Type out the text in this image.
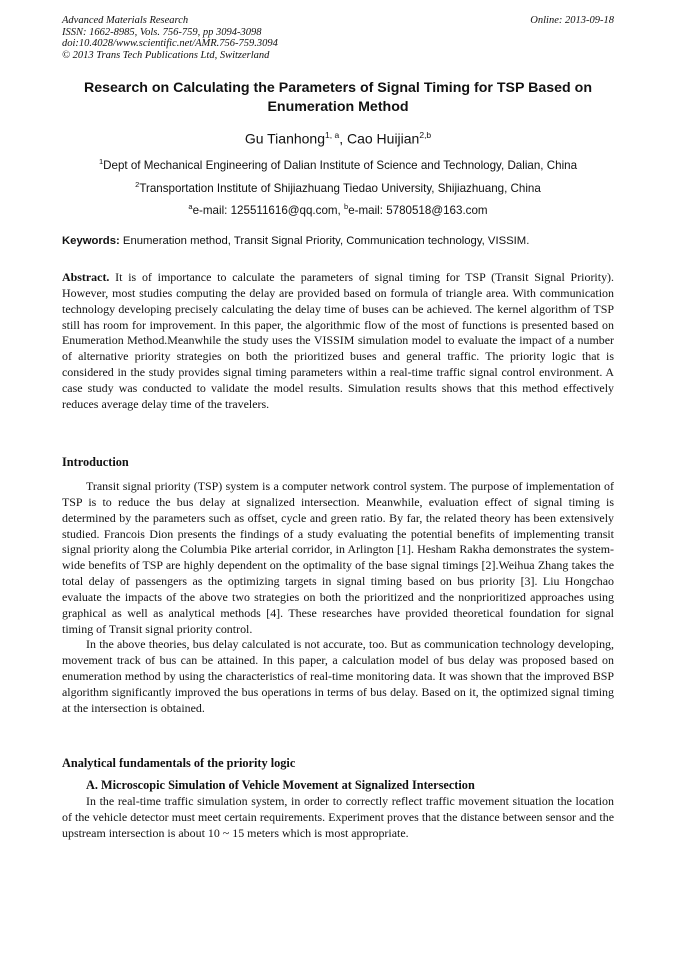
Advanced Materials Research
ISSN: 1662-8985, Vols. 756-759, pp 3094-3098
doi:10.4028/www.scientific.net/AMR.756-759.3094
© 2013 Trans Tech Publications Ltd, Switzerland
Online: 2013-09-18
Research on Calculating the Parameters of Signal Timing for TSP Based on Enumeration Method
Gu Tianhong$^{1, a}$, Cao Huijian$^{2,b}$
$^1$Dept of Mechanical Engineering of Dalian Institute of Science and Technology, Dalian, China
$^2$Transportation Institute of Shijiazhuang Tiedao University, Shijiazhuang, China
$^a$e-mail: 125511616@qq.com, $^b$e-mail: 5780518@163.com
Keywords: Enumeration method, Transit Signal Priority, Communication technology, VISSIM.

Abstract. It is of importance to calculate the parameters of signal timing for TSP (Transit Signal Priority). However, most studies computing the delay are provided based on formula of triangle area. With communication technology developing precisely calculating the delay time of buses can be achieved. The kernel algorithm of TSP still has room for improvement. In this paper, the algorithmic flow of the most of functions is presented based on Enumeration Method.Meanwhile the study uses the VISSIM simulation model to evaluate the impact of a number of alternative priority strategies on both the prioritized buses and general traffic. The priority logic that is considered in the study provides signal timing parameters within a real-time traffic signal control environment. A case study was conducted to validate the model results. Simulation results shows that this method effectively reduces average delay time of the travelers.

Introduction

Transit signal priority (TSP) system is a computer network control system. The purpose of implementation of TSP is to reduce the bus delay at signalized intersection. Meanwhile, evaluation effect of signal timing is determined by the parameters such as offset, cycle and green ratio. By far, the related theory has been extensively studied. Francois Dion presents the findings of a study evaluating the potential benefits of implementing transit signal priority along the Columbia Pike arterial corridor, in Arlington [1]. Hesham Rakha demonstrates the system-wide benefits of TSP are highly dependent on the optimality of the base signal timings [2].Weihua Zhang takes the total delay of passengers as the optimizing targets in signal timing based on bus priority [3]. Liu Hongchao evaluate the impacts of the above two strategies on both the prioritized and the nonprioritized approaches using graphical as well as analytical methods [4]. These researches have provided theoretical foundation for signal timing of Transit signal priority control.

In the above theories, bus delay calculated is not accurate, too. But as communication technology developing, movement track of bus can be attained. In this paper, a calculation model of bus delay was proposed based on enumeration method by using the characteristics of real-time monitoring data. It was shown that the improved BSP algorithm significantly improved the bus operations in terms of bus delay. Based on it, the optimized signal timing at the intersection is obtained.

Analytical fundamentals of the priority logic
A. Microscopic Simulation of Vehicle Movement at Signalized Intersection

In the real-time traffic simulation system, in order to correctly reflect traffic movement situation the location of the vehicle detector must meet certain requirements. Experiment proves that the distance between sensor and the upstream intersection is about 10 ~ 15 meters which is most appropriate.
